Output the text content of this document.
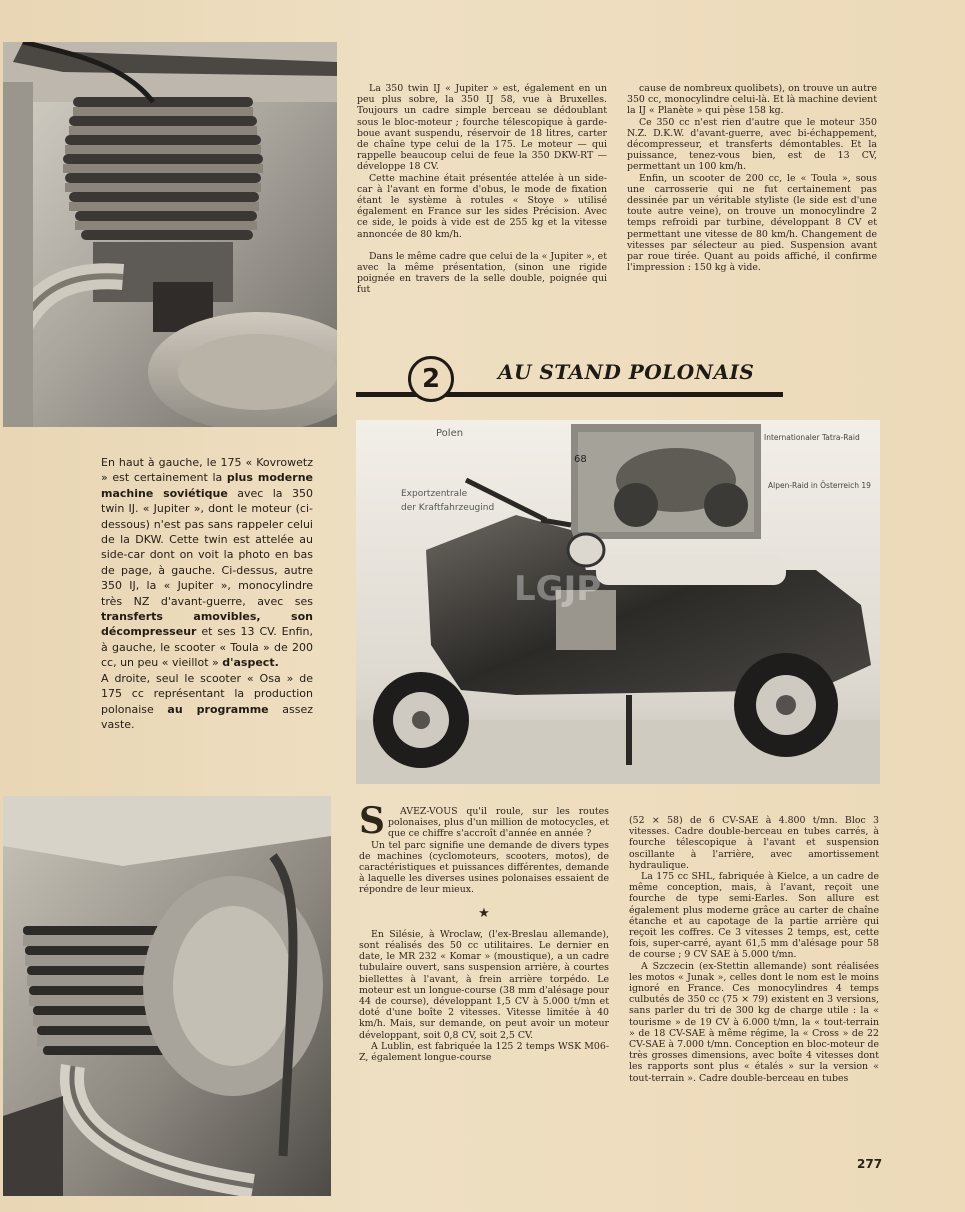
La 350 twin IJ « Jupiter » est, également en un peu plus sobre, la 350 IJ 58, vue à Bruxelles. Toujours un cadre simple berceau se dédoublant sous le bloc-moteur ; fourche télescopique à garde-boue avant suspendu, réservoir de 18 litres, carter de chaîne type celui de la 175. Le moteur — qui rappelle beaucoup celui de feue la 350 DKW-RT — développe 18 CV.

Cette machine était présentée attelée à un side-car à l'avant en forme d'obus, le mode de fixation étant le système à rotules « Stoye » utilisé également en France sur les sides Précision. Avec ce side, le poids à vide est de 255 kg et la vitesse annoncée de 80 km/h.

Dans le même cadre que celui de la « Jupiter », et avec la même présentation, (sinon une rigide poignée en travers de la selle double, poignée qui fut

cause de nombreux quolibets), on trouve un autre 350 cc, monocylindre celui-là. Et là machine devient la IJ « Planète » qui pèse 158 kg.

Ce 350 cc n'est rien d'autre que le moteur 350 N.Z. D.K.W. d'avant-guerre, avec bi-échappement, décompresseur, et transferts démontables. Et la puissance, tenez-vous bien, est de 13 CV, permettant un 100 km/h.

Enfin, un scooter de 200 cc, le « Toula », sous une carrosserie qui ne fut certainement pas dessinée par un véritable styliste (le side est d'une toute autre veine), on trouve un monocylindre 2 temps refroidi par turbine, développant 8 CV et permettant une vitesse de 80 km/h. Changement de vitesses par sélecteur au pied. Suspension avant par roue tirée. Quant au poids affiché, il confirme l'impression : 150 kg à vide.

2	AU STAND POLONAIS

En haut à gauche, le 175 « Kovrowetz » est certainement la plus moderne machine soviétique avec la 350 twin IJ. « Jupiter », dont le moteur (ci-dessous) n'est pas sans rappeler celui de la DKW. Cette twin est attelée au side-car dont on voit la photo en bas de page, à gauche. Ci-dessus, autre 350 IJ, la « Jupiter », monocylindre très NZ d'avant-guerre, avec ses transferts amovibles, son décompresseur et ses 13 CV. Enfin, à gauche, le scooter « Toula » de 200 cc, un peu « vieillot » d'aspect.

A droite, seul le scooter « Osa » de 175 cc représentant la production polonaise au programme assez vaste.

68
Internationaler Tatra-Raid
Alpen-Raid in Österreich 19
Polen
Exportzentrale
der Kraftfahrzeugind
LGJP

S AVEZ-VOUS qu'il roule, sur les routes polonaises, plus d'un million de motocycles, et que ce chiffre s'accroît d'année en année ?

Un tel parc signifie une demande de divers types de machines (cyclomoteurs, scooters, motos), de caractéristiques et puissances différentes, demande à laquelle les diverses usines polonaises essaient de répondre de leur mieux.

★

En Silésie, à Wroclaw, (l'ex-Breslau allemande), sont réalisés des 50 cc utilitaires. Le dernier en date, le MR 232 « Komar » (moustique), a un cadre tubulaire ouvert, sans suspension arrière, à courtes biellettes à l'avant, à frein arrière torpédo. Le moteur est un longue-course (38 mm d'alésage pour 44 de course), développant 1,5 CV à 5.000 t/mn et doté d'une boîte 2 vitesses. Vitesse limitée à 40 km/h. Mais, sur demande, on peut avoir un moteur développant, soit 0,8 CV, soit 2,5 CV.

A Lublin, est fabriquée la 125 2 temps WSK M06-Z, également longue-course

(52 × 58) de 6 CV-SAE à 4.800 t/mn. Bloc 3 vitesses. Cadre double-berceau en tubes carrés, à fourche télescopique à l'avant et suspension oscillante à l'arrière, avec amortissement hydraulique.

La 175 cc SHL, fabriquée à Kielce, a un cadre de même conception, mais, à l'avant, reçoit une fourche de type semi-Earles. Son allure est également plus moderne grâce au carter de chaîne étanche et au capotage de la partie arrière qui reçoit les coffres. Ce 3 vitesses 2 temps, est, cette fois, super-carré, ayant 61,5 mm d'alésage pour 58 de course ; 9 CV SAE à 5.000 t/mn.

A Szczecin (ex-Stettin allemande) sont réalisées les motos « Junak », celles dont le nom est le moins ignoré en France. Ces monocylindres 4 temps culbutés de 350 cc (75 × 79) existent en 3 versions, sans parler du tri de 300 kg de charge utile : la « tourisme » de 19 CV à 6.000 t/mn, la « tout-terrain » de 18 CV-SAE à même régime, la « Cross » de 22 CV-SAE à 7.000 t/mn. Conception en bloc-moteur de très grosses dimensions, avec boîte 4 vitesses dont les rapports sont plus « étalés » sur la version « tout-terrain ». Cadre double-berceau en tubes

277
